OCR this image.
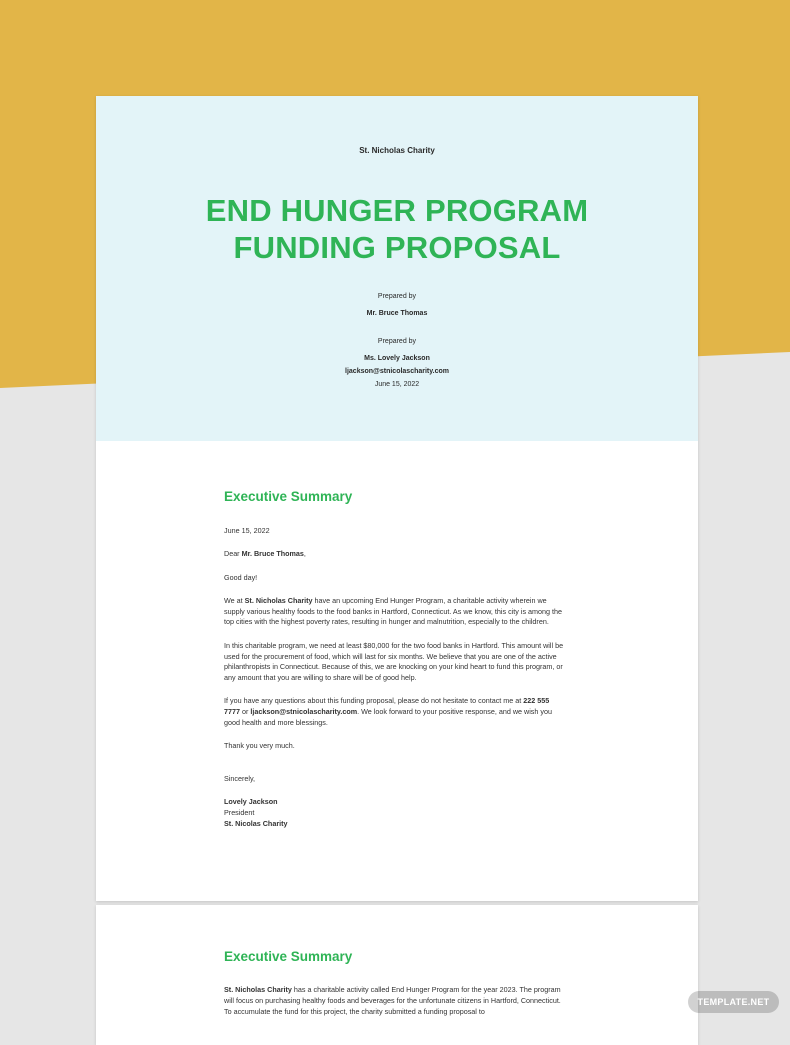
St. Nicholas Charity
END HUNGER PROGRAM
FUNDING PROPOSAL
Prepared by
Mr. Bruce Thomas
Prepared by
Ms. Lovely Jackson
ljackson@stnicolascharity.com
June 15, 2022
Executive Summary

June 15, 2022

Dear Mr. Bruce Thomas,

Good day!

We at St. Nicholas Charity have an upcoming End Hunger Program, a charitable activity wherein we supply various healthy foods to the food banks in Hartford, Connecticut. As we know, this city is among the top cities with the highest poverty rates, resulting in hunger and malnutrition, especially to the children.

In this charitable program, we need at least $80,000 for the two food banks in Hartford. This amount will be used for the procurement of food, which will last for six months. We believe that you are one of the active philanthropists in Connecticut. Because of this, we are knocking on your kind heart to fund this program, or any amount that you are willing to share will be of good help.

If you have any questions about this funding proposal, please do not hesitate to contact me at 222 555 7777 or ljackson@stnicolascharity.com. We look forward to your positive response, and we wish you good health and more blessings.

Thank you very much.

Sincerely,

Lovely Jackson
President
St. Nicolas Charity
Executive Summary

St. Nicholas Charity has a charitable activity called End Hunger Program for the year 2023. The program will focus on purchasing healthy foods and beverages for the unfortunate citizens in Hartford, Connecticut. To accumulate the fund for this project, the charity submitted a funding proposal to

TEMPLATE.NET
